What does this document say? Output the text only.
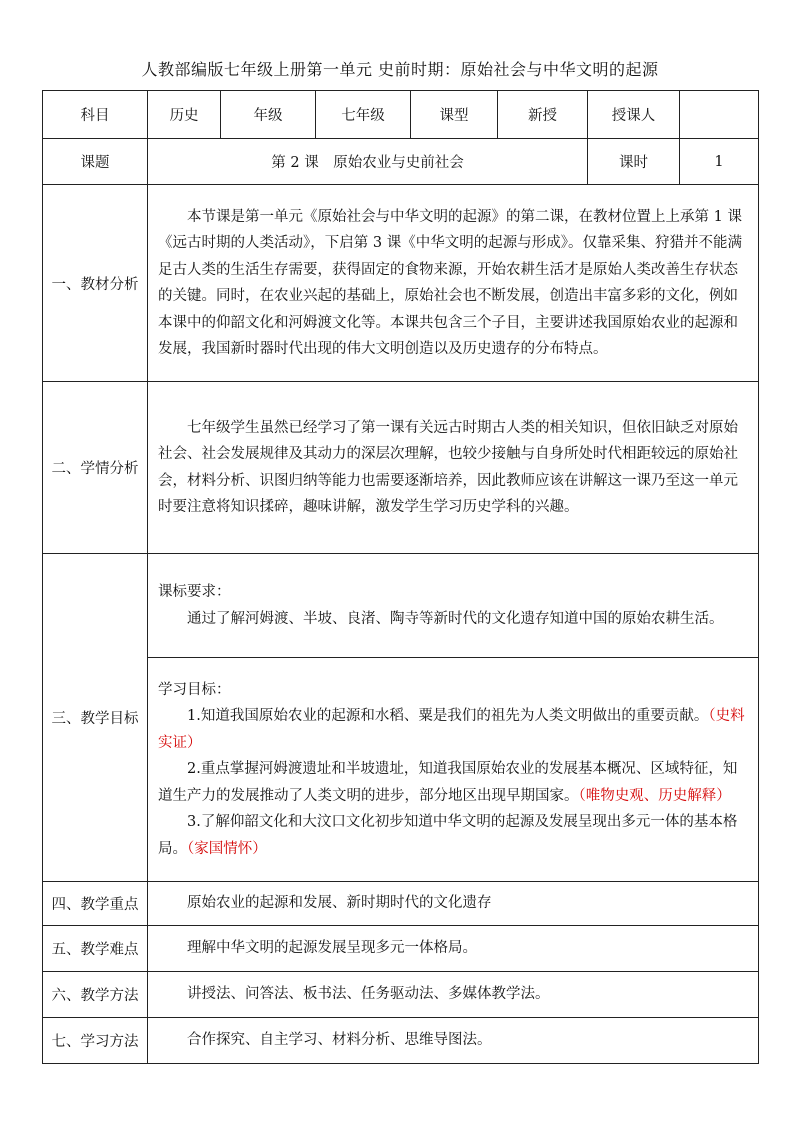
人教部编版七年级上册第一单元 史前时期：原始社会与中华文明的起源
科目	历史	年级	七年级	课型	新授	授课人	
课题	第 2 课　原始农业与史前社会					课时	1
一、教材分析	本节课是第一单元《原始社会与中华文明的起源》的第二课，在教材位置上上承第 1 课《远古时期的人类活动》，下启第 3 课《中华文明的起源与形成》。仅靠采集、狩猎并不能满足古人类的生活生存需要，获得固定的食物来源，开始农耕生活才是原始人类改善生存状态的关键。同时，在农业兴起的基础上，原始社会也不断发展，创造出丰富多彩的文化，例如本课中的仰韶文化和河姆渡文化等。本课共包含三个子目，主要讲述我国原始农业的起源和发展，我国新时器时代出现的伟大文明创造以及历史遗存的分布特点。						

二、学情分析	七年级学生虽然已经学习了第一课有关远古时期古人类的相关知识，但依旧缺乏对原始社会、社会发展规律及其动力的深层次理解，也较少接触与自身所处时代相距较远的原始社会，材料分析、识图归纳等能力也需要逐渐培养，因此教师应该在讲解这一课乃至这一单元时要注意将知识揉碎，趣味讲解，激发学生学习历史学科的兴趣。						

三、教学目标	课标要求：

通过了解河姆渡、半坡、良渚、陶寺等新时代的文化遗存知道中国的原始农耕生活。						

	学习目标：

1.知道我国原始农业的起源和水稻、粟是我们的祖先为人类文明做出的重要贡献。（史料实证）

2.重点掌握河姆渡遗址和半坡遗址，知道我国原始农业的发展基本概况、区域特征，知道生产力的发展推动了人类文明的进步，部分地区出现早期国家。（唯物史观、历史解释）

3.了解仰韶文化和大汶口文化初步知道中华文明的起源及发展呈现出多元一体的基本格局。（家国情怀）						

四、教学重点	原始农业的起源和发展、新时期时代的文化遗存						

五、教学难点	理解中华文明的起源发展呈现多元一体格局。						

六、教学方法	讲授法、问答法、板书法、任务驱动法、多媒体教学法。						

七、学习方法	合作探究、自主学习、材料分析、思维导图法。						
